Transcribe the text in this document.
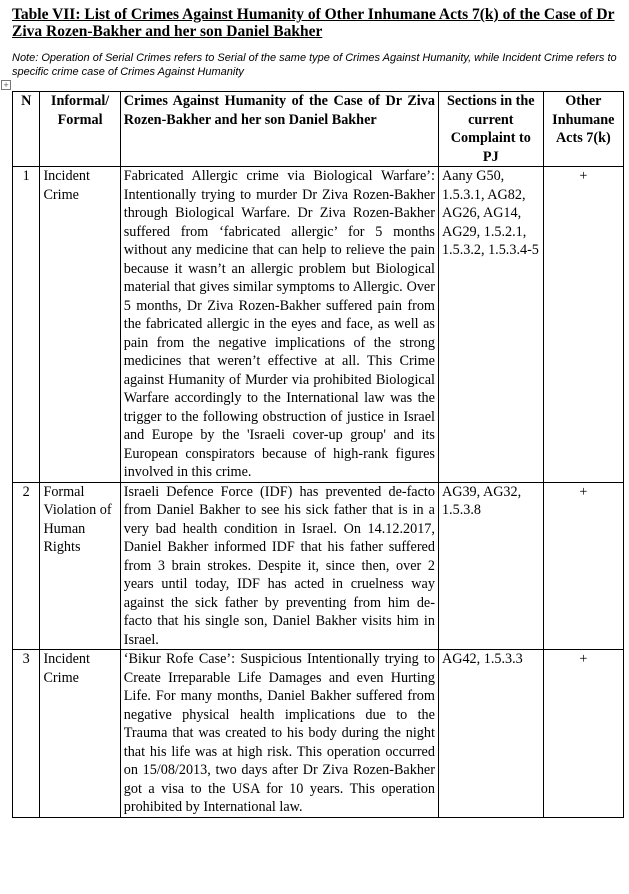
Table VII: List of Crimes Against Humanity of Other Inhumane Acts 7(k) of the Case of Dr Ziva Rozen-Bakher and her son Daniel Bakher
Note: Operation of Serial Crimes refers to Serial of the same type of Crimes Against Humanity, while Incident Crime refers to specific crime case of Crimes Against Humanity
+
N	Informal/ Formal	Crimes Against Humanity of the Case of Dr Ziva Rozen-Bakher and her son Daniel Bakher	Sections in the current Complaint to PJ	Other Inhumane Acts 7(k)
1	Incident Crime	Fabricated Allergic crime via Biological Warfare’: Intentionally trying to murder Dr Ziva Rozen-Bakher through Biological Warfare. Dr Ziva Rozen-Bakher suffered from ‘fabricated allergic’ for 5 months without any medicine that can help to relieve the pain because it wasn’t an allergic problem but Biological material that gives similar symptoms to Allergic. Over 5 months, Dr Ziva Rozen-Bakher suffered pain from the fabricated allergic in the eyes and face, as well as pain from the negative implications of the strong medicines that weren’t effective at all. This Crime against Humanity of Murder via prohibited Biological Warfare accordingly to the International law was the trigger to the following obstruction of justice in Israel and Europe by the 'Israeli cover-up group' and its European conspirators because of high-rank figures involved in this crime.	Aany G50, 1.5.3.1, AG82, AG26, AG14, AG29, 1.5.2.1, 1.5.3.2, 1.5.3.4-5	+
2	Formal Violation of Human Rights	Israeli Defence Force (IDF) has prevented de-facto from Daniel Bakher to see his sick father that is in a very bad health condition in Israel. On 14.12.2017, Daniel Bakher informed IDF that his father suffered from 3 brain strokes. Despite it, since then, over 2 years until today, IDF has acted in cruelness way against the sick father by preventing from him de-facto that his single son, Daniel Bakher visits him in Israel.	AG39, AG32, 1.5.3.8	+
3	Incident Crime	‘Bikur Rofe Case’: Suspicious Intentionally trying to Create Irreparable Life Damages and even Hurting Life. For many months, Daniel Bakher suffered from negative physical health implications due to the Trauma that was created to his body during the night that his life was at high risk. This operation occurred on 15/08/2013, two days after Dr Ziva Rozen-Bakher got a visa to the USA for 10 years. This operation prohibited by International law.	AG42, 1.5.3.3	+
